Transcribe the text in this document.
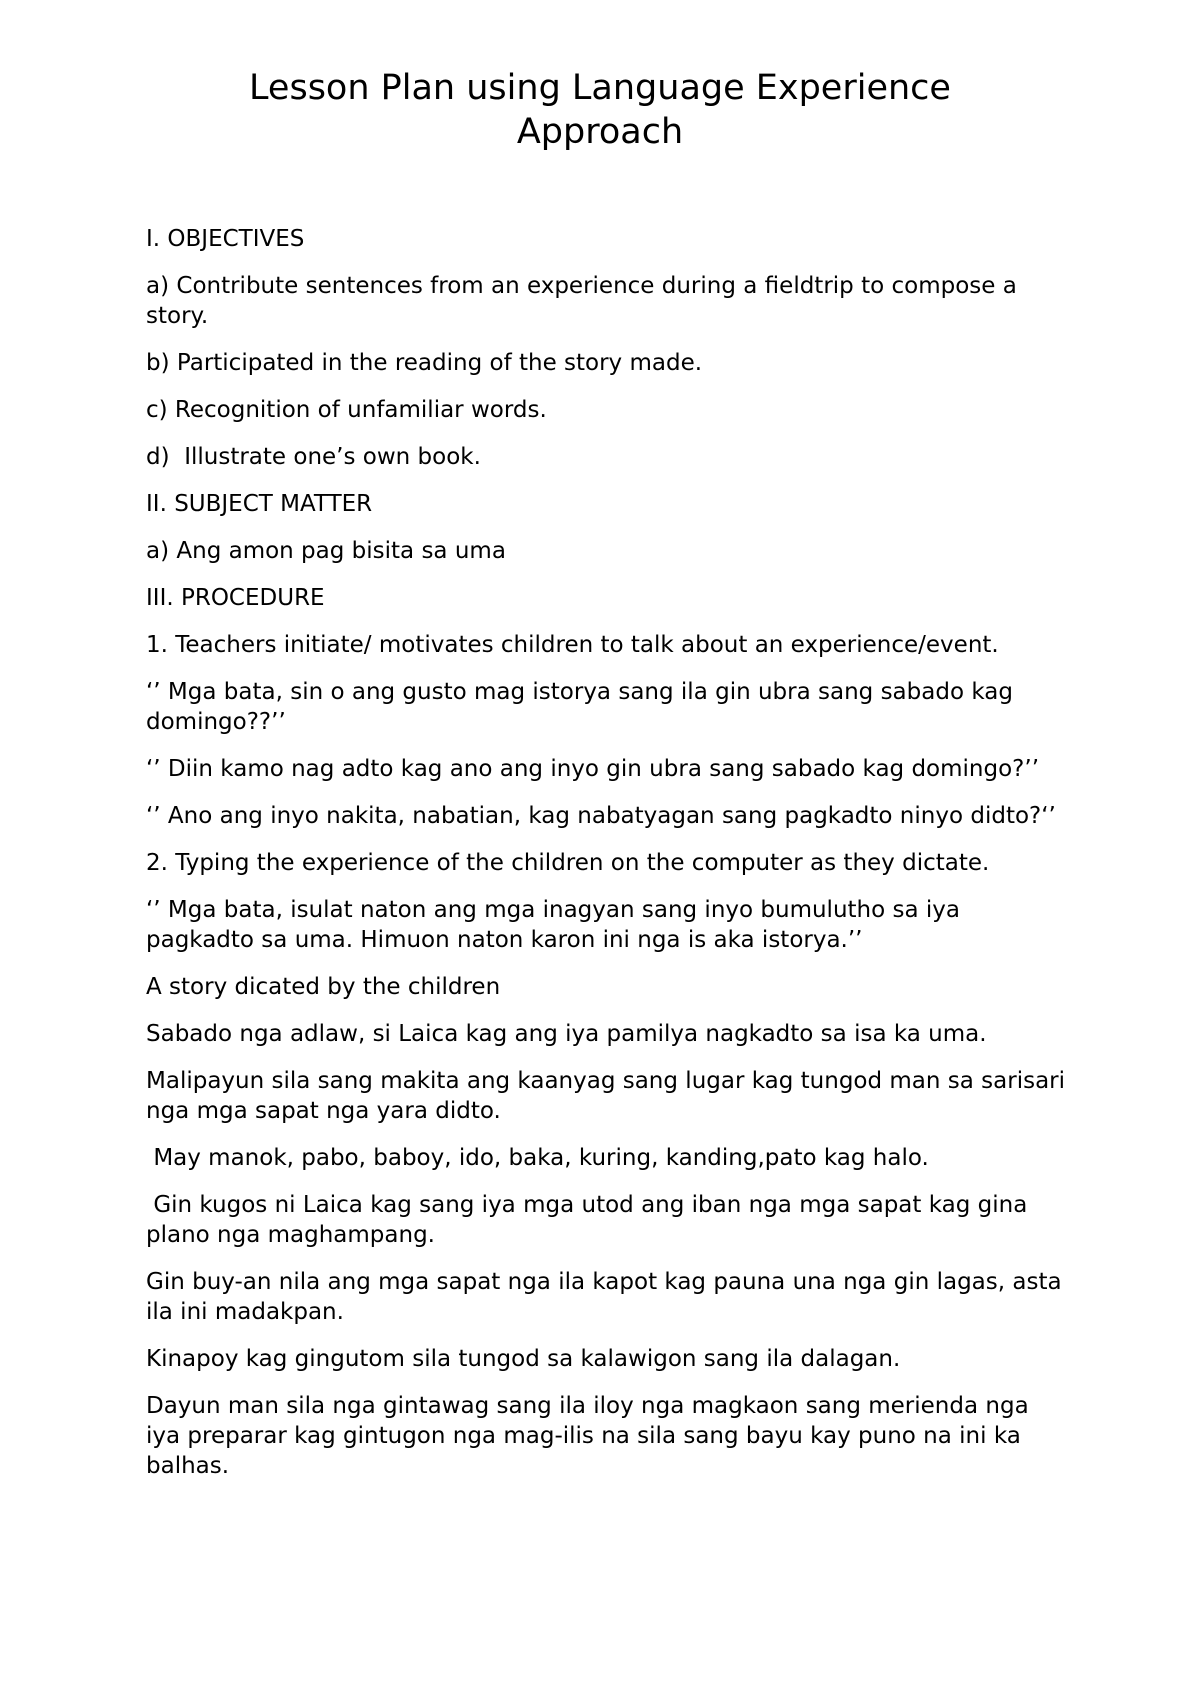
Lesson Plan using Language Experience
Approach

I. OBJECTIVES

a) Contribute sentences from an experience during a fieldtrip to compose a story.

b) Participated in the reading of the story made.

c) Recognition of unfamiliar words.

d)  Illustrate one’s own book.

II. SUBJECT MATTER

a) Ang amon pag bisita sa uma

III. PROCEDURE

1. Teachers initiate/ motivates children to talk about an experience/event.

‘’ Mga bata, sin o ang gusto mag istorya sang ila gin ubra sang sabado kag domingo??’’

‘’ Diin kamo nag adto kag ano ang inyo gin ubra sang sabado kag domingo?’’

‘’ Ano ang inyo nakita, nabatian, kag nabatyagan sang pagkadto ninyo didto?‘’

2. Typing the experience of the children on the computer as they dictate.

‘’ Mga bata, isulat naton ang mga inagyan sang inyo bumulutho sa iya pagkadto sa uma. Himuon naton karon ini nga is aka istorya.’’

A story dicated by the children

Sabado nga adlaw, si Laica kag ang iya pamilya nagkadto sa isa ka uma.

Malipayun sila sang makita ang kaanyag sang lugar kag tungod man sa sarisari nga mga sapat nga yara didto.

May manok, pabo, baboy, ido, baka, kuring, kanding,pato kag halo.

Gin kugos ni Laica kag sang iya mga utod ang iban nga mga sapat kag gina plano nga maghampang.

Gin buy-an nila ang mga sapat nga ila kapot kag pauna una nga gin lagas, asta ila ini madakpan.

Kinapoy kag gingutom sila tungod sa kalawigon sang ila dalagan.

Dayun man sila nga gintawag sang ila iloy nga magkaon sang merienda nga iya preparar kag gintugon nga mag-ilis na sila sang bayu kay puno na ini ka balhas.
